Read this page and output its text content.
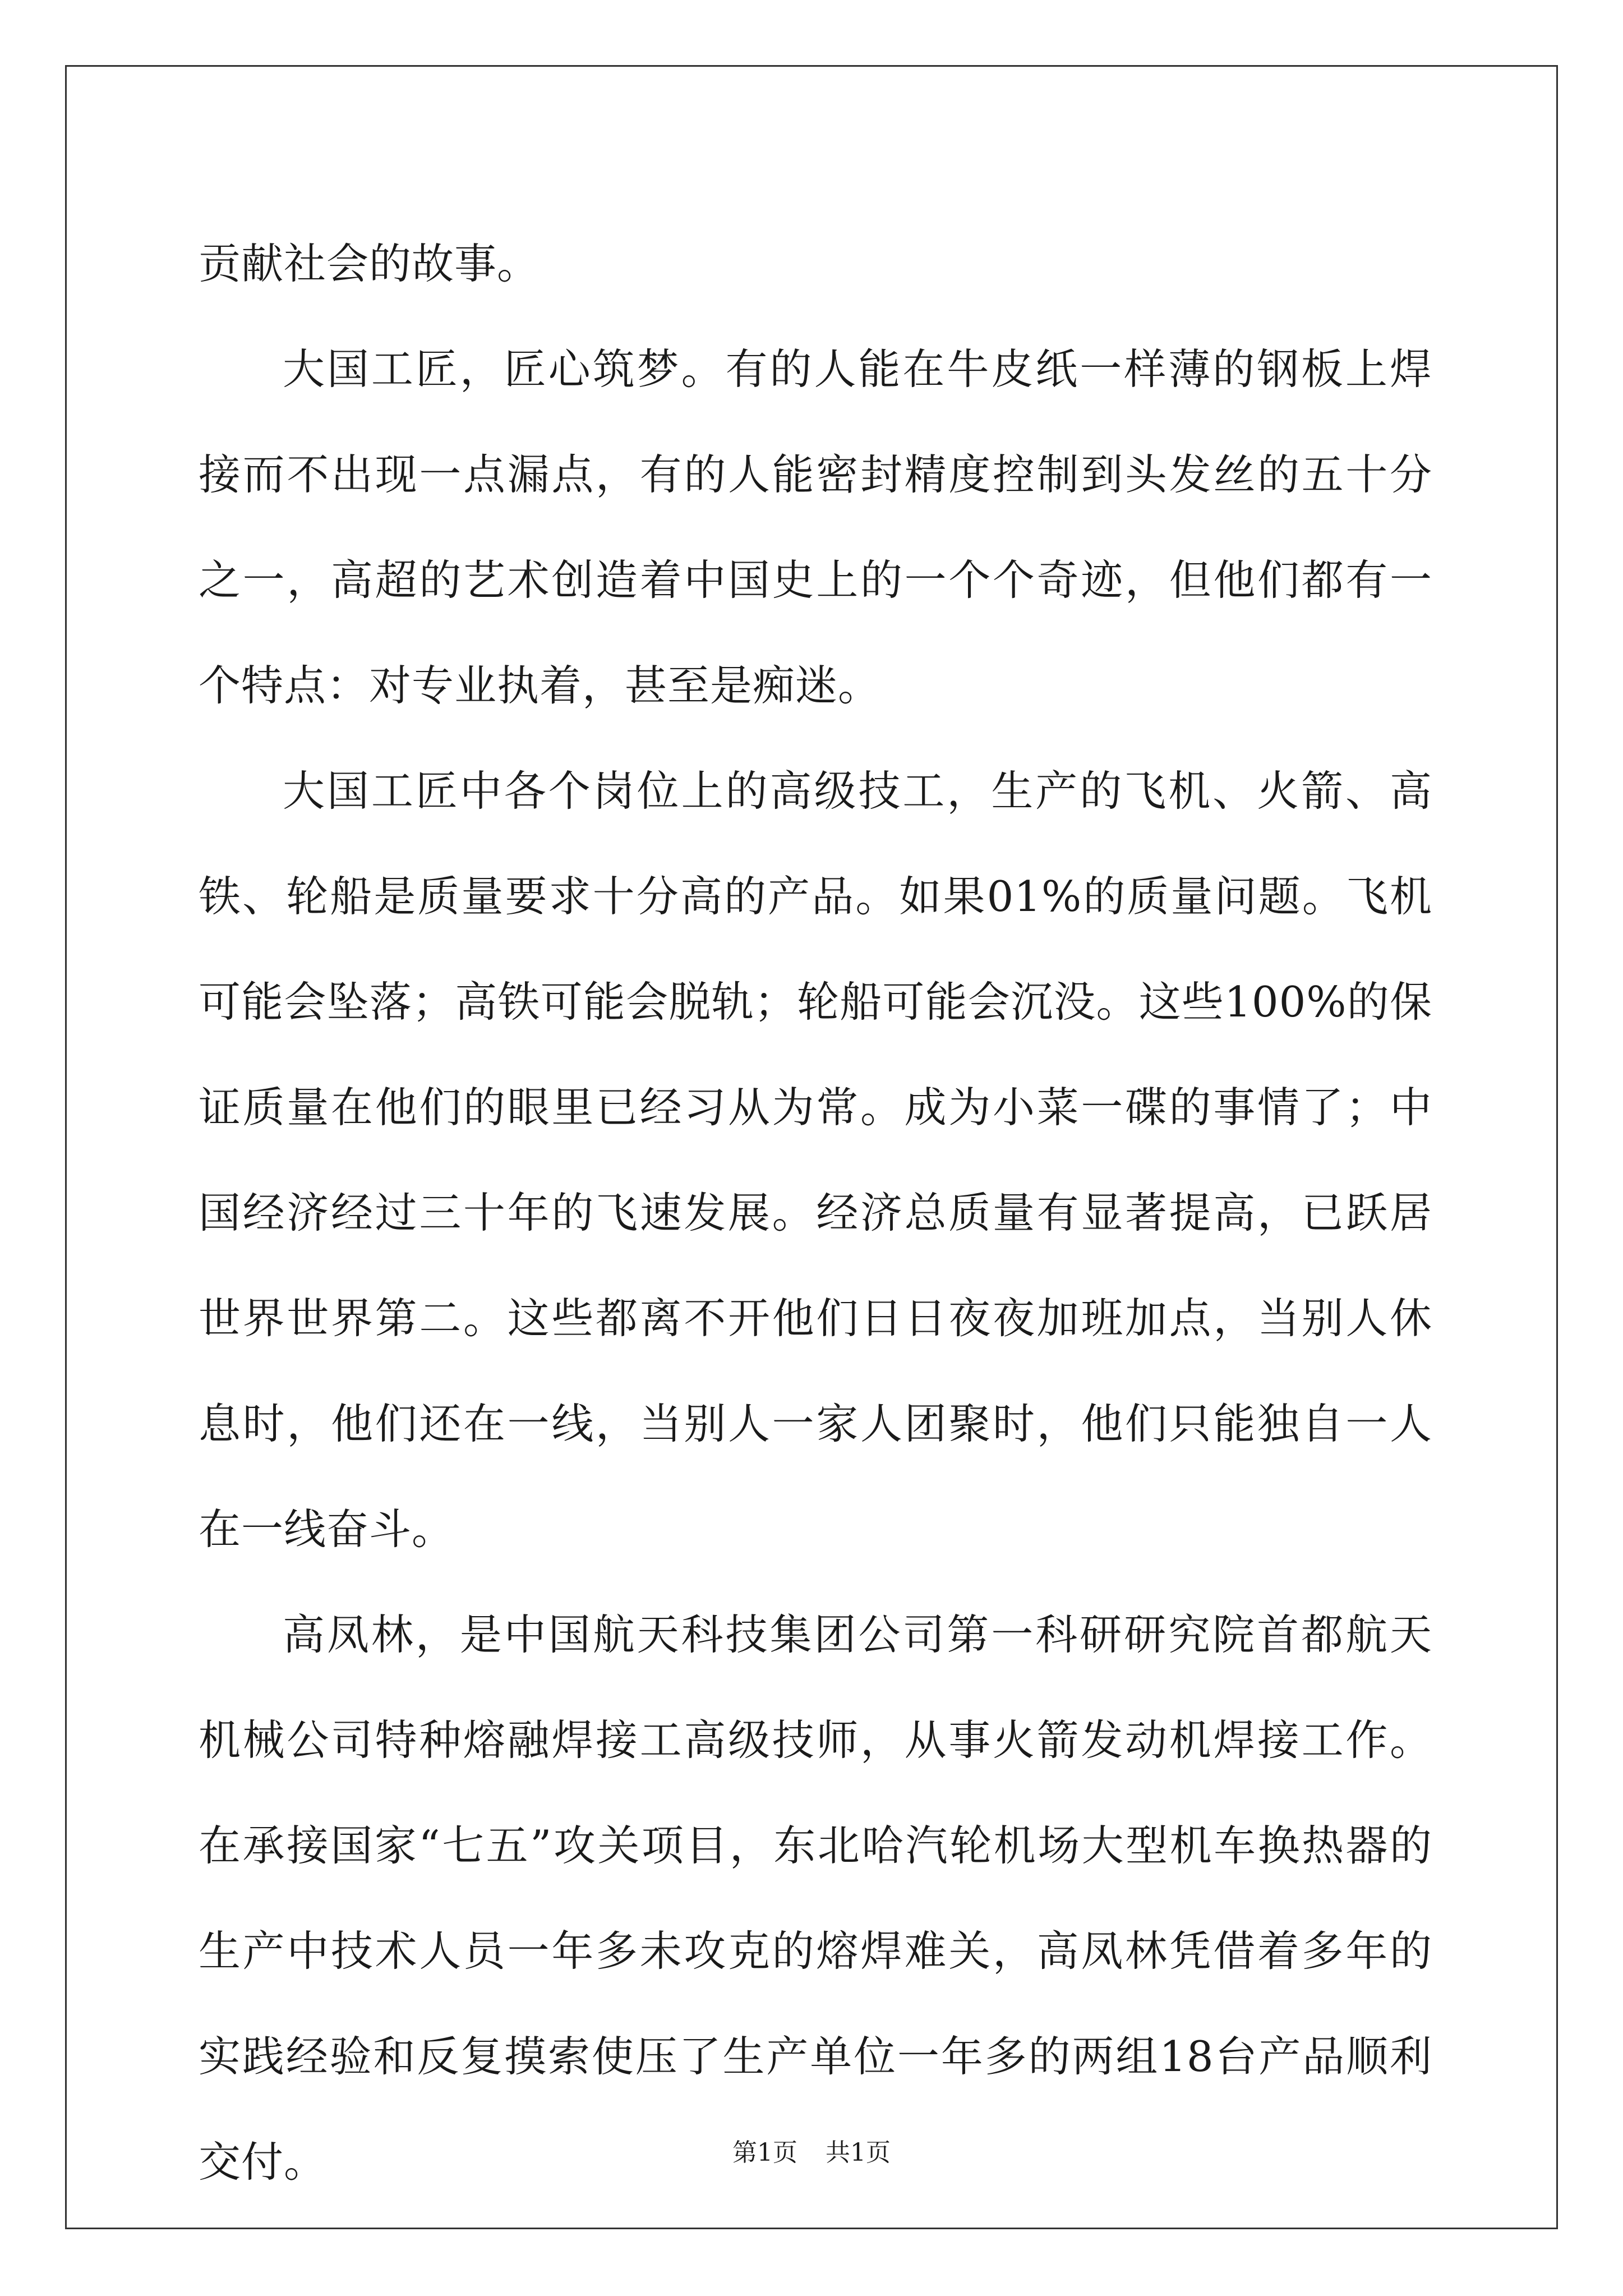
贡献社会的故事。

大国工匠，匠心筑梦。有的人能在牛皮纸一样薄的钢板上焊接而不出现一点漏点，有的人能密封精度控制到头发丝的五十分之一，高超的艺术创造着中国史上的一个个奇迹，但他们都有一个特点：对专业执着，甚至是痴迷。

大国工匠中各个岗位上的高级技工，生产的飞机、火箭、高铁、轮船是质量要求十分高的产品。如果01%的质量问题。飞机可能会坠落；高铁可能会脱轨；轮船可能会沉没。这些100%的保证质量在他们的眼里已经习从为常。成为小菜一碟的事情了；中国经济经过三十年的飞速发展。经济总质量有显著提高，已跃居世界世界第二。这些都离不开他们日日夜夜加班加点，当别人休息时，他们还在一线，当别人一家人团聚时，他们只能独自一人在一线奋斗。

高凤林，是中国航天科技集团公司第一科研研究院首都航天机械公司特种熔融焊接工高级技师，从事火箭发动机焊接工作。在承接国家“七五”攻关项目，东北哈汽轮机场大型机车换热器的生产中技术人员一年多未攻克的熔焊难关，高凤林凭借着多年的实践经验和反复摸索使压了生产单位一年多的两组18台产品顺利交付。	第1页 共1页
